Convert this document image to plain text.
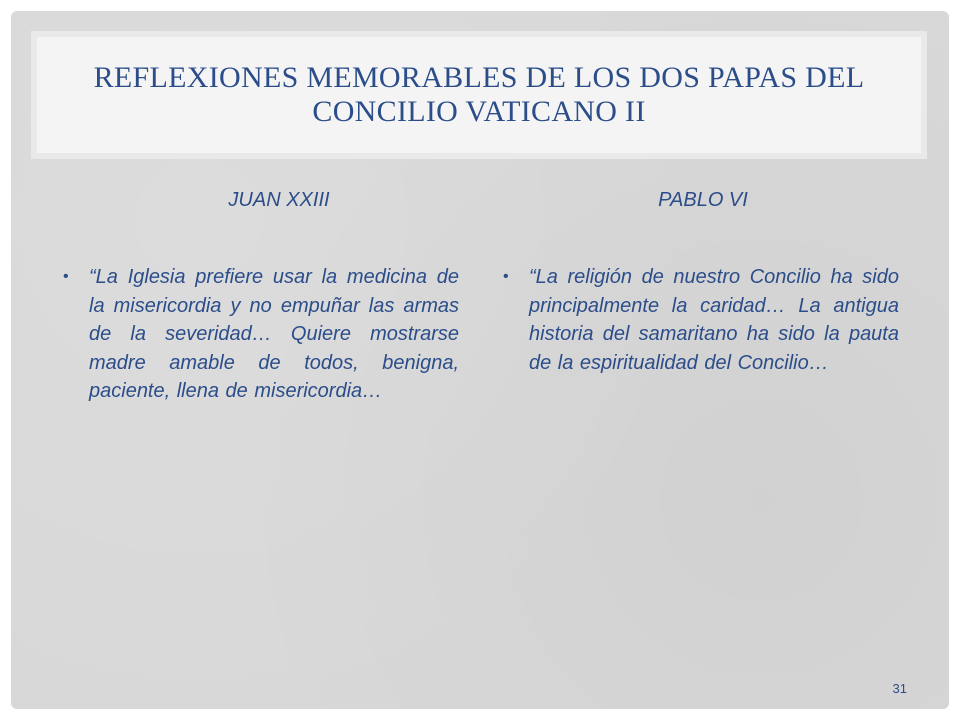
REFLEXIONES MEMORABLES DE LOS DOS PAPAS DEL CONCILIO VATICANO II
JUAN XXIII	PABLO VI
•	“La Iglesia prefiere usar la medicina de la misericordia y no empuñar las armas de la severidad… Quiere mostrarse madre amable de todos, benigna, paciente, llena de misericordia…
•	“La religión de nuestro Concilio ha sido principalmente la caridad… La antigua historia del samaritano ha sido la pauta de la espiritualidad del Concilio…
31
